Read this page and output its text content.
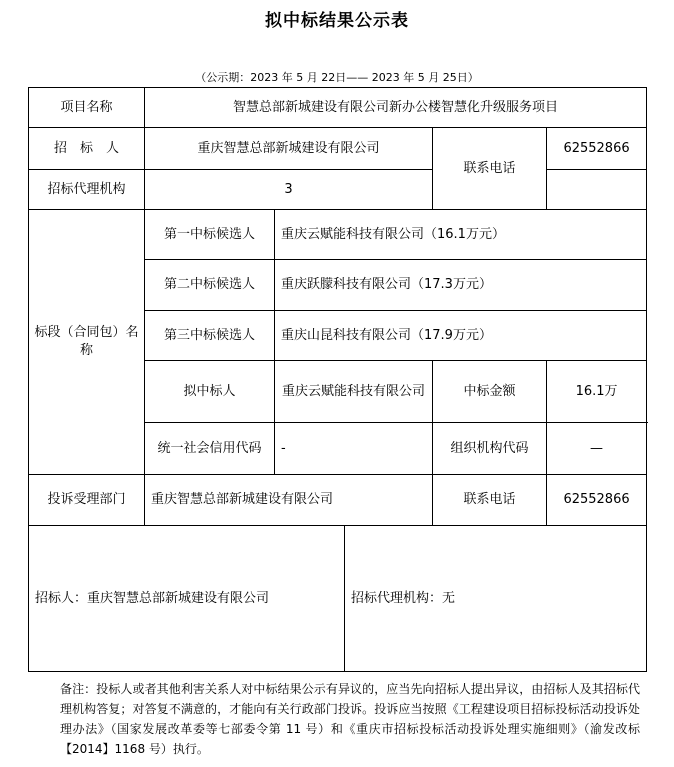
拟中标结果公示表
（公示期：2023 年 5 月 22日—— 2023 年 5 月 25日）
项目名称	智慧总部新城建设有限公司新办公楼智慧化升级服务项目				
招　标　人	重庆智慧总部新城建设有限公司			联系电话	62552866
招标代理机构	3				
标段（合同包）名称	第一中标候选人	重庆云赋能科技有限公司（16.1万元）			
	第二中标候选人	重庆跃朦科技有限公司（17.3万元）			
	第三中标候选人	重庆山昆科技有限公司（17.9万元）			
	拟中标人	重庆云赋能科技有限公司		中标金额	16.1万
	统一社会信用代码	-		组织机构代码	—
投诉受理部门	重庆智慧总部新城建设有限公司			联系电话	62552866
招标人：重庆智慧总部新城建设有限公司			招标代理机构：无		
备注：投标人或者其他利害关系人对中标结果公示有异议的，应当先向招标人提出异议，由招标人及其招标代理机构答复；对答复不满意的，才能向有关行政部门投诉。投诉应当按照《工程建设项目招标投标活动投诉处理办法》（国家发展改革委等七部委令第 11 号）和《重庆市招标投标活动投诉处理实施细则》（渝发改标【2014】1168 号）执行。
